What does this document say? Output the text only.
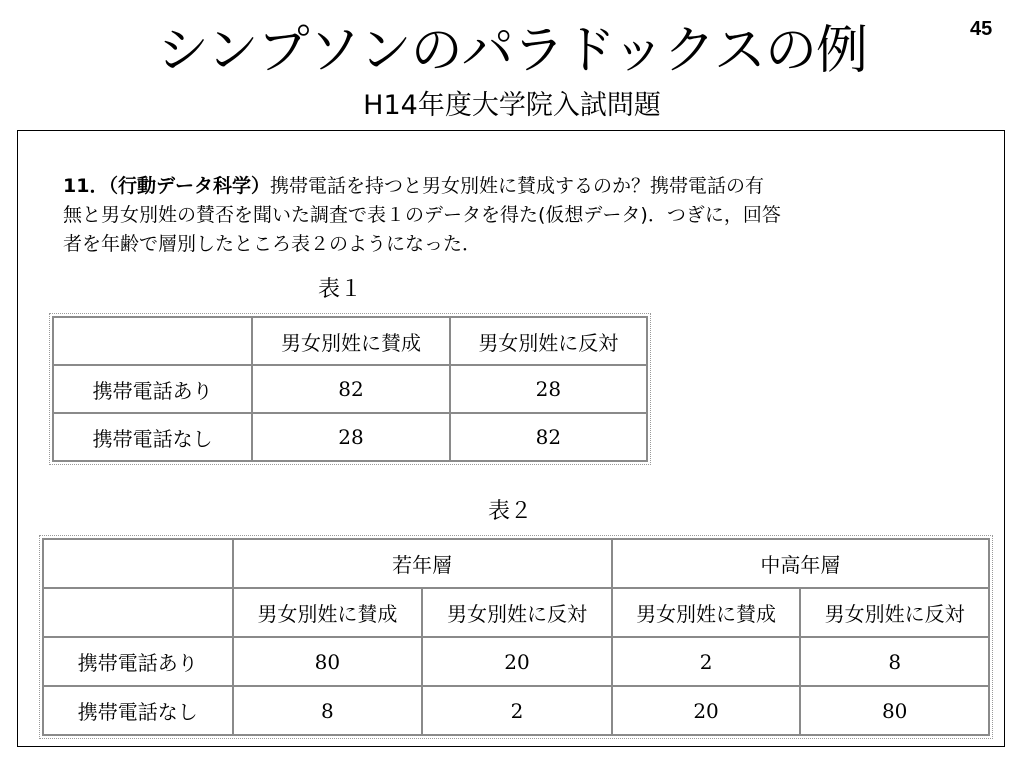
45
シンプソンのパラドックスの例
H14年度大学院入試問題
11．（行動データ科学）携帯電話を持つと男女別姓に賛成するのか？携帯電話の有
無と男女別姓の賛否を聞いた調査で表１のデータを得た(仮想データ)．つぎに，回答
者を年齢で層別したところ表２のようになった．
表１
	男女別姓に賛成	男女別姓に反対
携帯電話あり	82	28
携帯電話なし	28	82
表２
	若年層		中高年層	
	男女別姓に賛成	男女別姓に反対	男女別姓に賛成	男女別姓に反対
携帯電話あり	80	20	2	8
携帯電話なし	8	2	20	80
